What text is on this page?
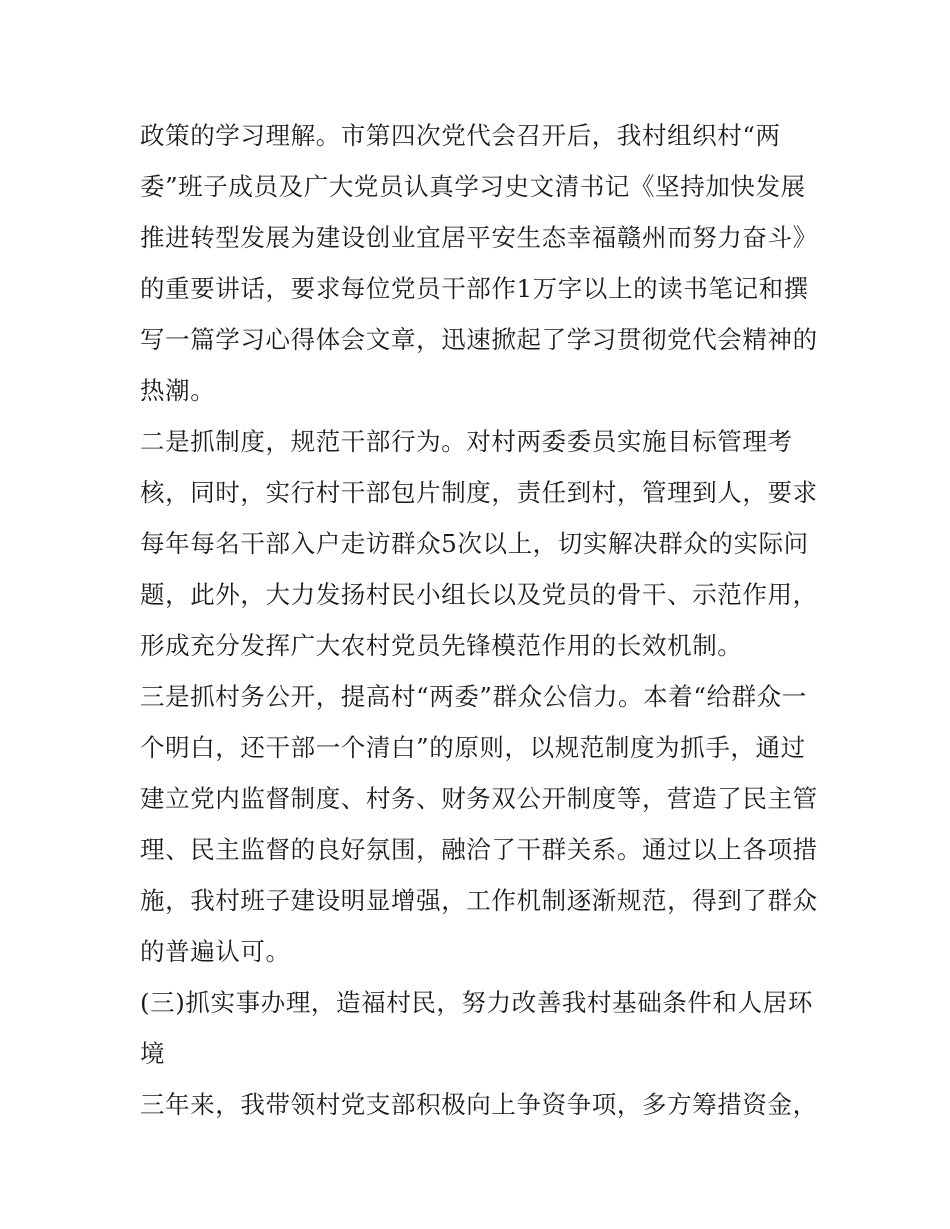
政策的学习理解。市第四次党代会召开后，我村组织村“两
委”班子成员及广大党员认真学习史文清书记《坚持加快发展
推进转型发展为建设创业宜居平安生态幸福赣州而努力奋斗》
的重要讲话，要求每位党员干部作1万字以上的读书笔记和撰
写一篇学习心得体会文章，迅速掀起了学习贯彻党代会精神的
热潮。
二是抓制度，规范干部行为。对村两委委员实施目标管理考
核，同时，实行村干部包片制度，责任到村，管理到人，要求
每年每名干部入户走访群众5次以上，切实解决群众的实际问
题，此外，大力发扬村民小组长以及党员的骨干、示范作用，
形成充分发挥广大农村党员先锋模范作用的长效机制。
三是抓村务公开，提高村“两委”群众公信力。本着“给群众一
个明白，还干部一个清白”的原则，以规范制度为抓手，通过
建立党内监督制度、村务、财务双公开制度等，营造了民主管
理、民主监督的良好氛围，融洽了干群关系。通过以上各项措
施，我村班子建设明显增强，工作机制逐渐规范，得到了群众
的普遍认可。
(三)抓实事办理，造福村民，努力改善我村基础条件和人居环
境
三年来，我带领村党支部积极向上争资争项，多方筹措资金，
